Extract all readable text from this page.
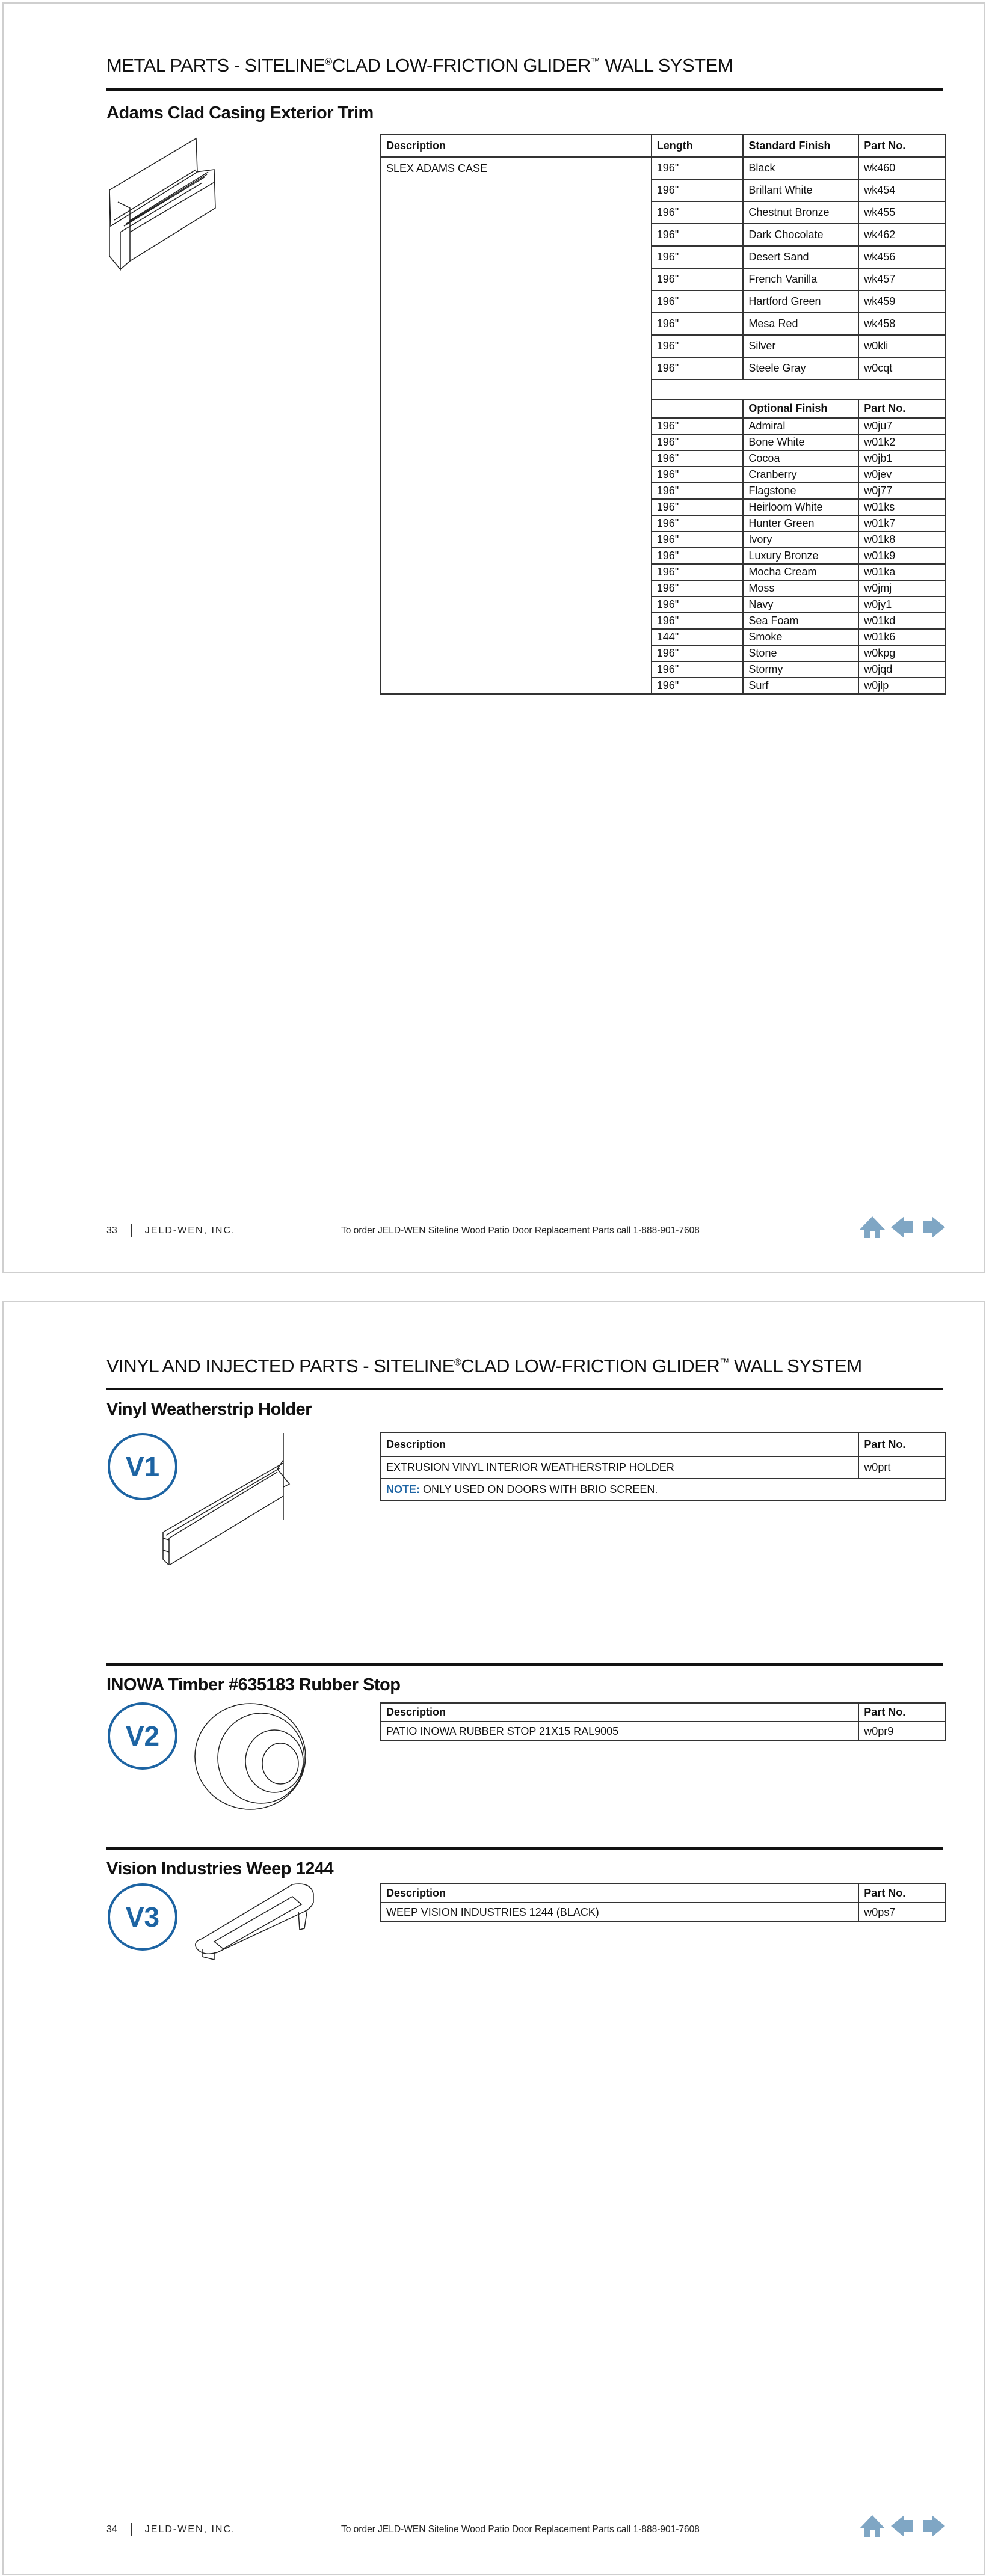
METAL PARTS - SITELINE®CLAD LOW-FRICTION GLIDER™ WALL SYSTEM
Adams Clad Casing Exterior Trim
Description	Length	Standard Finish	Part No.
SLEX ADAMS CASE	196"	Black	wk460
	196"	Brillant White	wk454
	196"	Chestnut Bronze	wk455
	196"	Dark Chocolate	wk462
	196"	Desert Sand	wk456
	196"	French Vanilla	wk457
	196"	Hartford Green	wk459
	196"	Mesa Red	wk458
	196"	Silver	w0kli
	196"	Steele Gray	w0cqt

		Optional Finish	Part No.
	196"	Admiral	w0ju7
	196"	Bone White	w01k2
	196"	Cocoa	w0jb1
	196"	Cranberry	w0jev
	196"	Flagstone	w0j77
	196"	Heirloom White	w01ks
	196"	Hunter Green	w01k7
	196"	Ivory	w01k8
	196"	Luxury Bronze	w01k9
	196"	Mocha Cream	w01ka
	196"	Moss	w0jmj
	196"	Navy	w0jy1
	196"	Sea Foam	w01kd
	144"	Smoke	w01k6
	196"	Stone	w0kpg
	196"	Stormy	w0jqd
	196"	Surf	w0jlp
33	JELD-WEN, INC.	To order JELD-WEN Siteline Wood Patio Door Replacement Parts call 1-888-901-7608
VINYL AND INJECTED PARTS - SITELINE®CLAD LOW-FRICTION GLIDER™ WALL SYSTEM
Vinyl Weatherstrip Holder
V1
Description	Part No.
EXTRUSION VINYL INTERIOR WEATHERSTRIP HOLDER	w0prt
NOTE: ONLY USED ON DOORS WITH BRIO SCREEN.	
INOWA Timber #635183 Rubber Stop
V2
Description	Part No.
PATIO INOWA RUBBER STOP 21X15 RAL9005	w0pr9
Vision Industries Weep 1244
V3
Description	Part No.
WEEP VISION INDUSTRIES 1244 (BLACK)	w0ps7
34	JELD-WEN, INC.	To order JELD-WEN Siteline Wood Patio Door Replacement Parts call 1-888-901-7608
